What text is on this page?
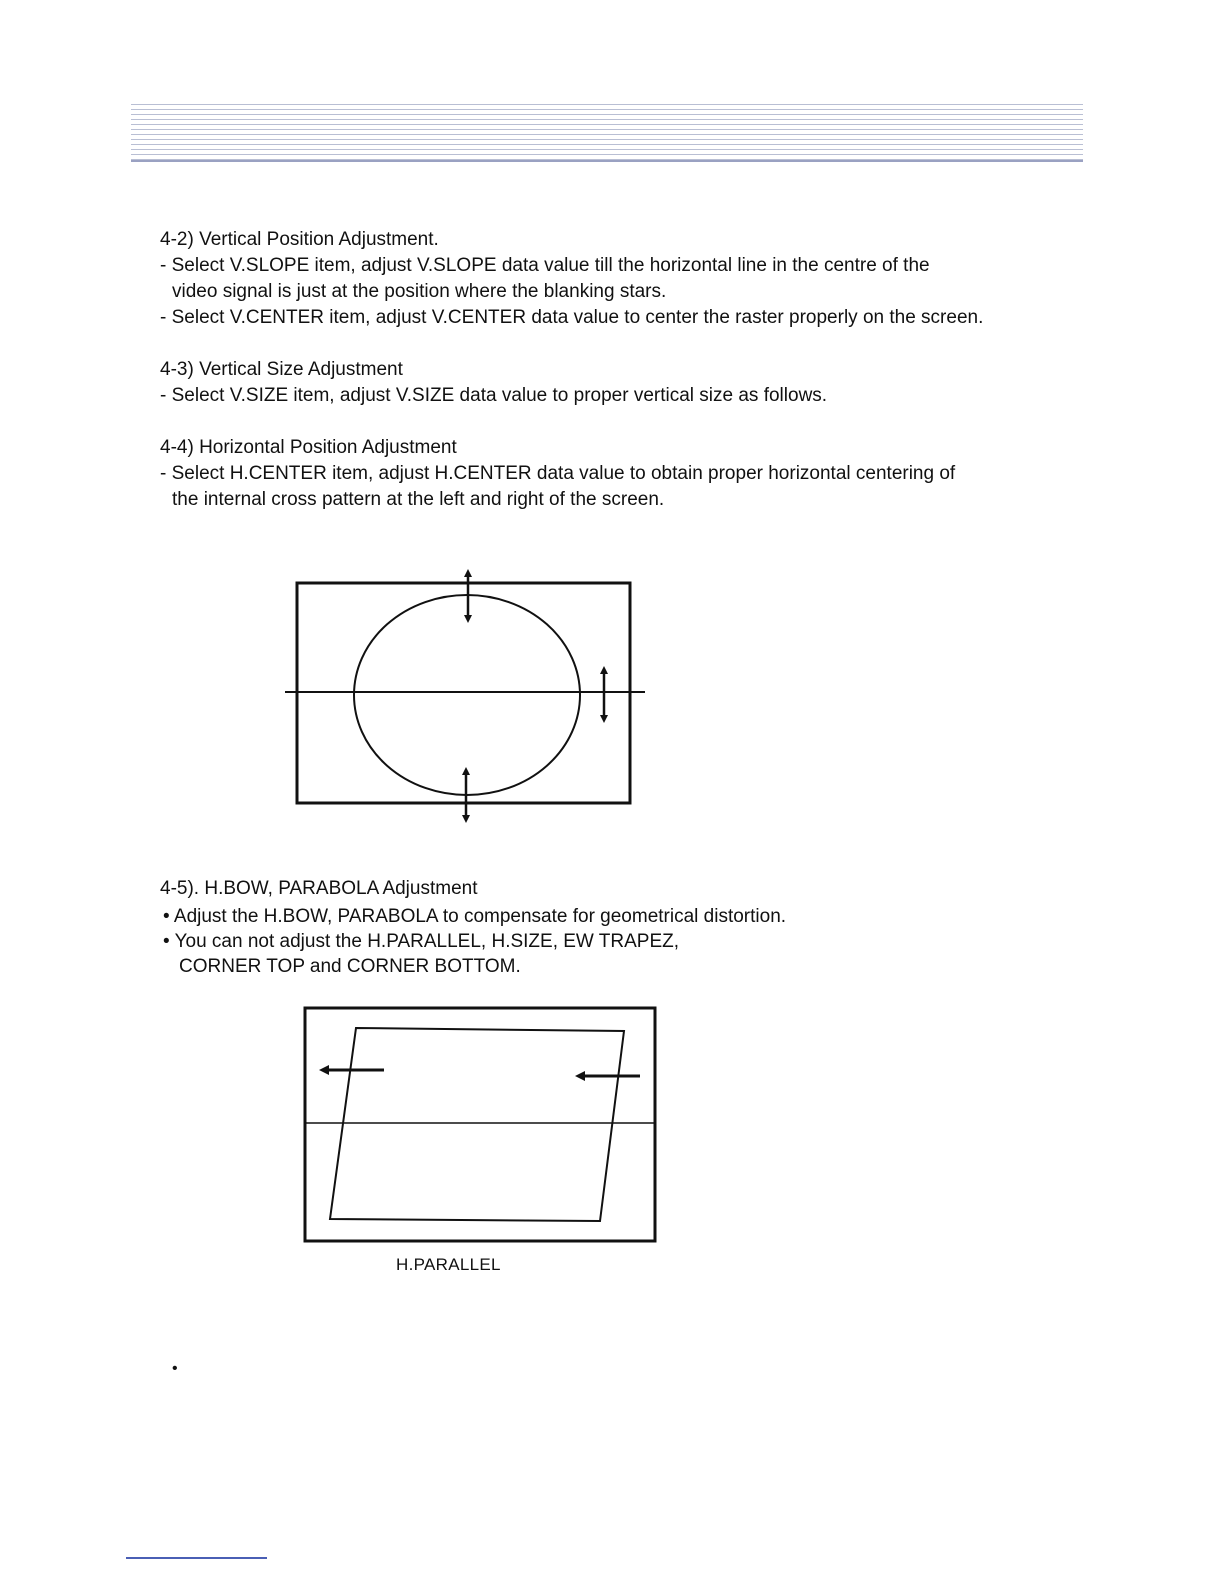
4-2) Vertical Position Adjustment.

- Select V.SLOPE item, adjust V.SLOPE data value till the horizontal line in the centre of the

video signal is just at the position where the blanking stars.

- Select V.CENTER item, adjust V.CENTER data value to center the raster properly on the screen.

4-3) Vertical Size Adjustment

- Select V.SIZE item, adjust V.SIZE data value to proper vertical size as follows.

4-4) Horizontal Position Adjustment

- Select H.CENTER item, adjust H.CENTER data value to obtain proper horizontal centering of

the internal cross pattern at the left and right of the screen.

4-5). H.BOW, PARABOLA Adjustment

• Adjust the H.BOW, PARABOLA to compensate for geometrical distortion.

• You can not adjust the H.PARALLEL, H.SIZE, EW TRAPEZ,

CORNER TOP and CORNER BOTTOM.

H.PARALLEL
•
